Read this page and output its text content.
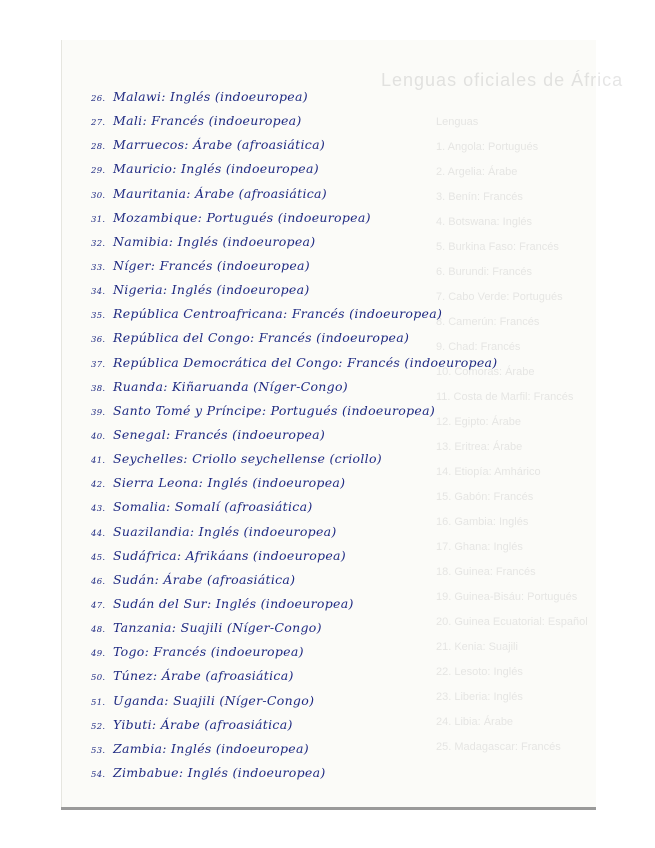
Lenguas oficiales de África
Lenguas
1. Angola: Portugués
2. Argelia: Árabe
3. Benín: Francés
4. Botswana: Inglés
5. Burkina Faso: Francés
6. Burundi: Francés
7. Cabo Verde: Portugués
8. Camerún: Francés
9. Chad: Francés
10. Comoras: Árabe
11. Costa de Marfil: Francés
12. Egipto: Árabe
13. Eritrea: Árabe
14. Etiopía: Amhárico
15. Gabón: Francés
16. Gambia: Inglés
17. Ghana: Inglés
18. Guinea: Francés
19. Guinea-Bisáu: Portugués
20. Guinea Ecuatorial: Español
21. Kenia: Suajili
22. Lesoto: Inglés
23. Liberia: Inglés
24. Libia: Árabe
25. Madagascar: Francés
26. Malawi: Inglés (indoeuropea)
27. Mali: Francés (indoeuropea)
28. Marruecos: Árabe (afroasiática)
29. Mauricio: Inglés (indoeuropea)
30. Mauritania: Árabe (afroasiática)
31. Mozambique: Portugués (indoeuropea)
32. Namibia: Inglés (indoeuropea)
33. Níger: Francés (indoeuropea)
34. Nigeria: Inglés (indoeuropea)
35. República Centroafricana: Francés (indoeuropea)
36. República del Congo: Francés (indoeuropea)
37. República Democrática del Congo: Francés (indoeuropea)
38. Ruanda: Kiñaruanda (Níger-Congo)
39. Santo Tomé y Príncipe: Portugués (indoeuropea)
40. Senegal: Francés (indoeuropea)
41. Seychelles: Criollo seychellense (criollo)
42. Sierra Leona: Inglés (indoeuropea)
43. Somalia: Somalí (afroasiática)
44. Suazilandia: Inglés (indoeuropea)
45. Sudáfrica: Afrikáans (indoeuropea)
46. Sudán: Árabe (afroasiática)
47. Sudán del Sur: Inglés (indoeuropea)
48. Tanzania: Suajili (Níger-Congo)
49. Togo: Francés (indoeuropea)
50. Túnez: Árabe (afroasiática)
51. Uganda: Suajili (Níger-Congo)
52. Yibuti: Árabe (afroasiática)
53. Zambia: Inglés (indoeuropea)
54. Zimbabue: Inglés (indoeuropea)
